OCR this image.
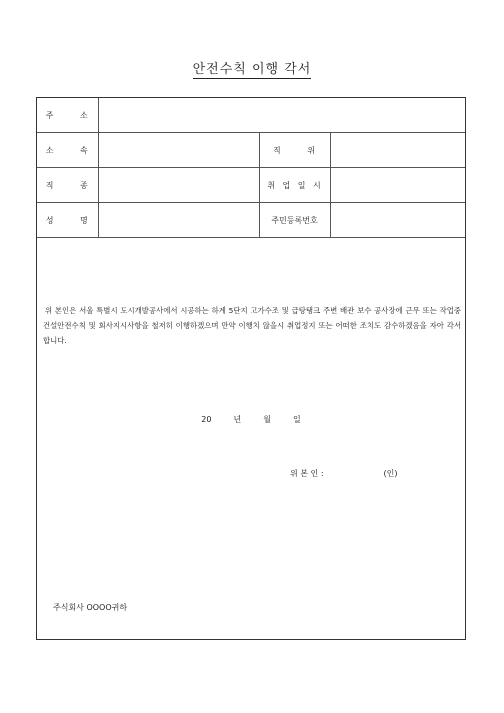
안전수칙 이행 각서
주 소			
소 속		직 위	
직 종		취 업 일 시	
성 명		주민등록번호	
위 본인은 서울 특별시 도시개발공사에서 시공하는 하계 5단지 고가수조 및 급탕탱크 주변 배관 보수 공사장에 근무 또는 작업중 건설안전수칙 및 회사지시사항을 철저히 이행하겠으며 만약 이행치 않을시 취업정지 또는 어떠한 조치도 감수하겠음을 자아 각서합니다.
20	년	월	일
위 본 인 :	(인)
주식회사 OOOO귀하
